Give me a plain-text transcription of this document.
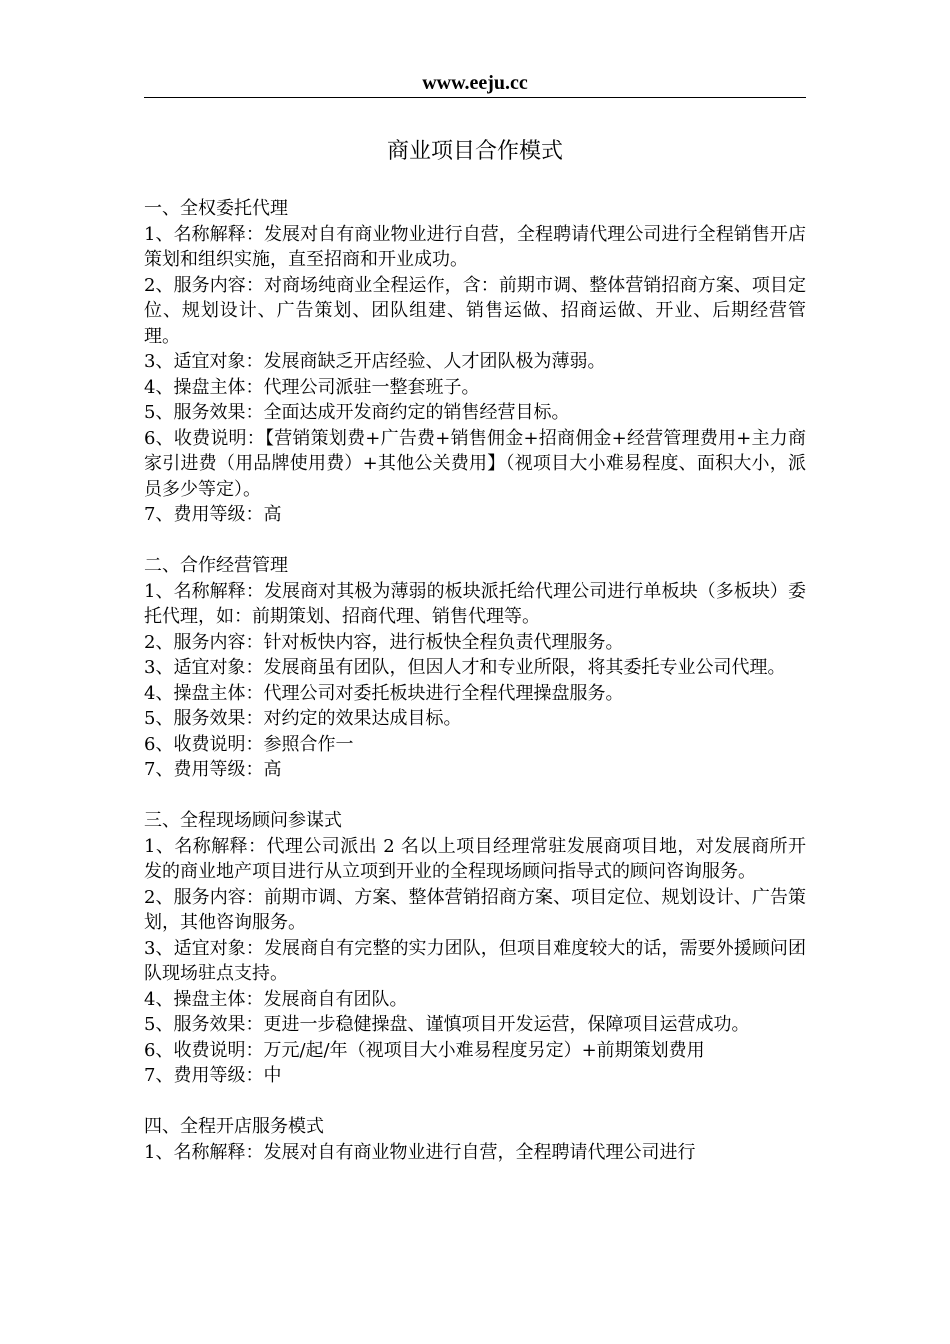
www.eeju.cc
商业项目合作模式

一、全权委托代理

1、名称解释：发展对自有商业物业进行自营，全程聘请代理公司进行全程销售开店策划和组织实施，直至招商和开业成功。

2、服务内容：对商场纯商业全程运作，含：前期市调、整体营销招商方案、项目定位、规划设计、广告策划、团队组建、销售运做、招商运做、开业、后期经营管理。

3、适宜对象：发展商缺乏开店经验、人才团队极为薄弱。

4、操盘主体：代理公司派驻一整套班子。

5、服务效果：全面达成开发商约定的销售经营目标。

6、收费说明：【营销策划费+广告费+销售佣金+招商佣金+经营管理费用+主力商家引进费（用品牌使用费）+其他公关费用】（视项目大小难易程度、面积大小，派员多少等定）。

7、费用等级：高

二、合作经营管理

1、名称解释：发展商对其极为薄弱的板块派托给代理公司进行单板块（多板块）委托代理，如：前期策划、招商代理、销售代理等。

2、服务内容：针对板快内容，进行板快全程负责代理服务。

3、适宜对象：发展商虽有团队，但因人才和专业所限，将其委托专业公司代理。

4、操盘主体：代理公司对委托板块进行全程代理操盘服务。

5、服务效果：对约定的效果达成目标。

6、收费说明：参照合作一

7、费用等级：高

三、全程现场顾问参谋式

1、名称解释：代理公司派出 2 名以上项目经理常驻发展商项目地，对发展商所开发的商业地产项目进行从立项到开业的全程现场顾问指导式的顾问咨询服务。

2、服务内容：前期市调、方案、整体营销招商方案、项目定位、规划设计、广告策划，其他咨询服务。

3、适宜对象：发展商自有完整的实力团队，但项目难度较大的话，需要外援顾问团队现场驻点支持。

4、操盘主体：发展商自有团队。

5、服务效果：更进一步稳健操盘、谨慎项目开发运营，保障项目运营成功。

6、收费说明：万元/起/年（视项目大小难易程度另定）+前期策划费用

7、费用等级：中

四、全程开店服务模式

1、名称解释：发展对自有商业物业进行自营，全程聘请代理公司进行
